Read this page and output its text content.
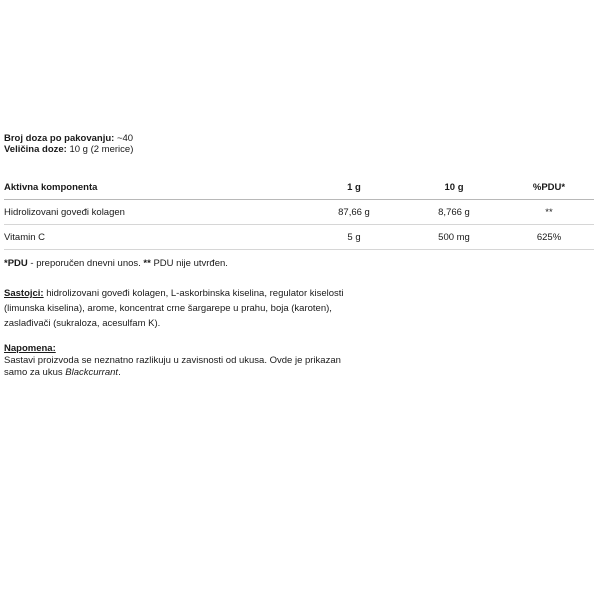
Broj doza po pakovanju: ~40
Veličina doze: 10 g (2 merice)
Aktivna komponenta	1 g	10 g	%PDU*
Hidrolizovani goveđi kolagen	87,66 g	8,766 g	**
Vitamin C	5 g	500 mg	625%
*PDU - preporučen dnevni unos. ** PDU nije utvrđen.
Sastojci: hidrolizovani goveđi kolagen, L-askorbinska kiselina, regulator kiselosti (limunska kiselina), arome, koncentrat crne šargarepe u prahu, boja (karoten), zaslađivači (sukraloza, acesulfam K).
Napomena:
Sastavi proizvoda se neznatno razlikuju u zavisnosti od ukusa. Ovde je prikazan samo za ukus Blackcurrant.
